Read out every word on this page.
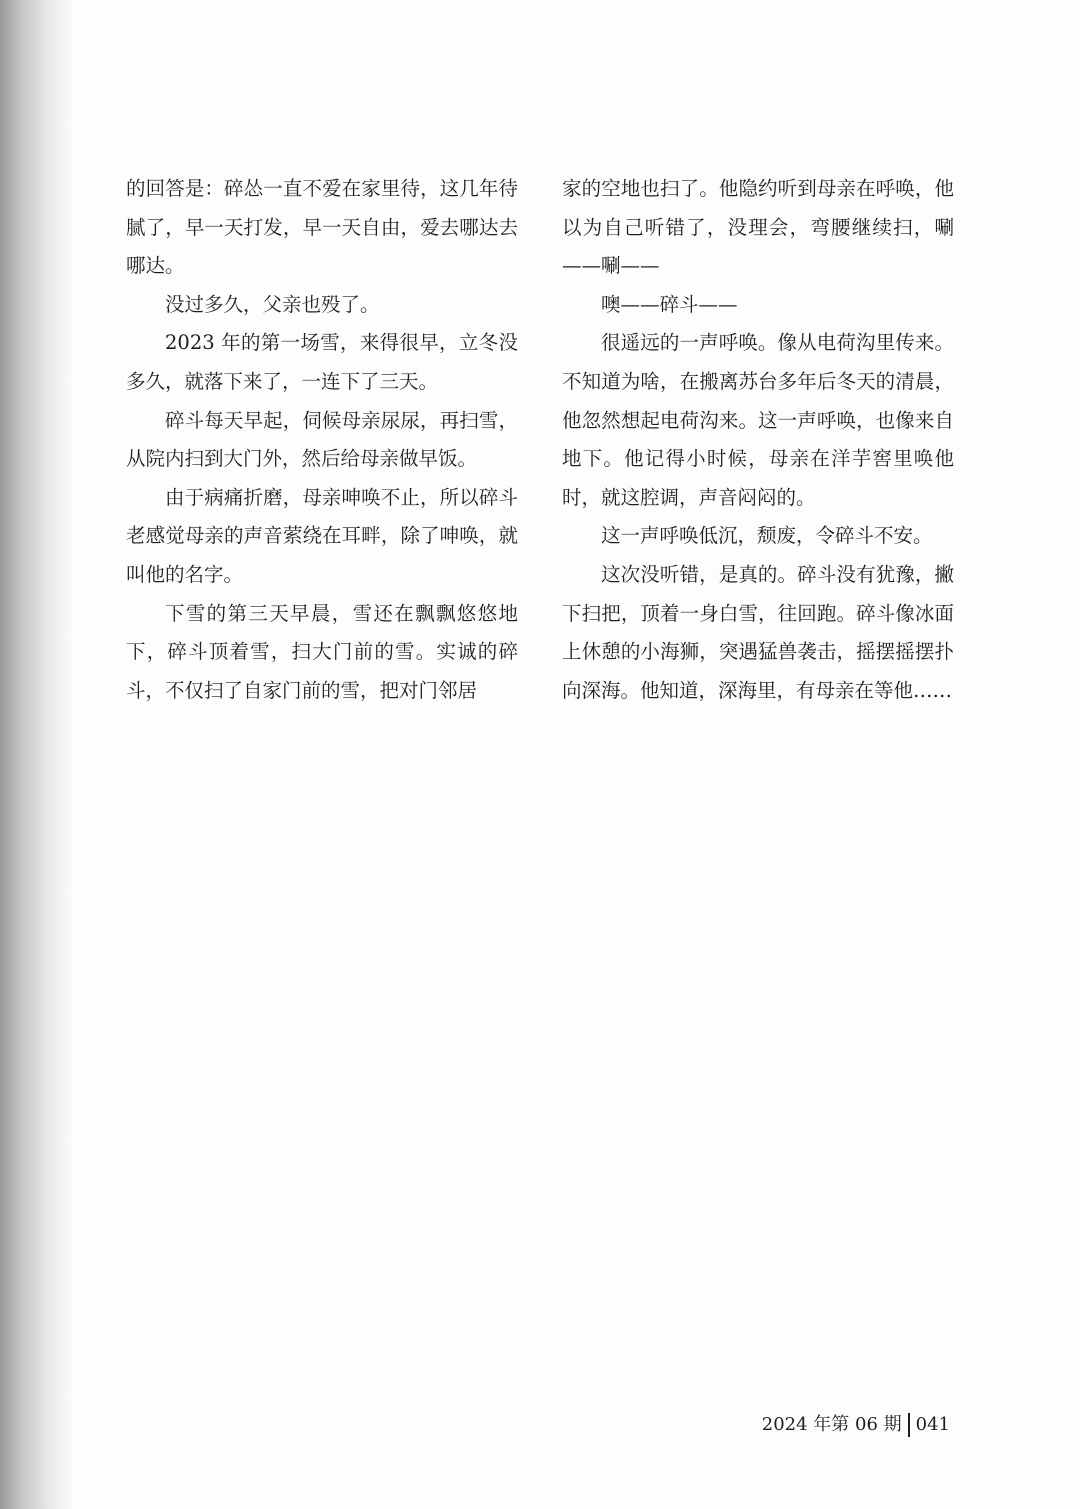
的回答是：碎怂一直不爱在家里待，这几年待腻了，早一天打发，早一天自由，爱去哪达去哪达。

没过多久，父亲也殁了。

2023 年的第一场雪，来得很早，立冬没多久，就落下来了，一连下了三天。

碎斗每天早起，伺候母亲尿尿，再扫雪，从院内扫到大门外，然后给母亲做早饭。

由于病痛折磨，母亲呻唤不止，所以碎斗老感觉母亲的声音萦绕在耳畔，除了呻唤，就叫他的名字。

下雪的第三天早晨，雪还在飘飘悠悠地下，碎斗顶着雪，扫大门前的雪。实诚的碎斗，不仅扫了自家门前的雪，把对门邻居

家的空地也扫了。他隐约听到母亲在呼唤，他以为自己听错了，没理会，弯腰继续扫，唰——唰——

噢——碎斗——

很遥远的一声呼唤。像从电荷沟里传来。不知道为啥，在搬离苏台多年后冬天的清晨，他忽然想起电荷沟来。这一声呼唤，也像来自地下。他记得小时候，母亲在洋芋窖里唤他时，就这腔调，声音闷闷的。

这一声呼唤低沉，颓废，令碎斗不安。

这次没听错，是真的。碎斗没有犹豫，撇下扫把，顶着一身白雪，往回跑。碎斗像冰面上休憩的小海狮，突遇猛兽袭击，摇摆摇摆扑向深海。他知道，深海里，有母亲在等他……

2024 年第 06 期 041
